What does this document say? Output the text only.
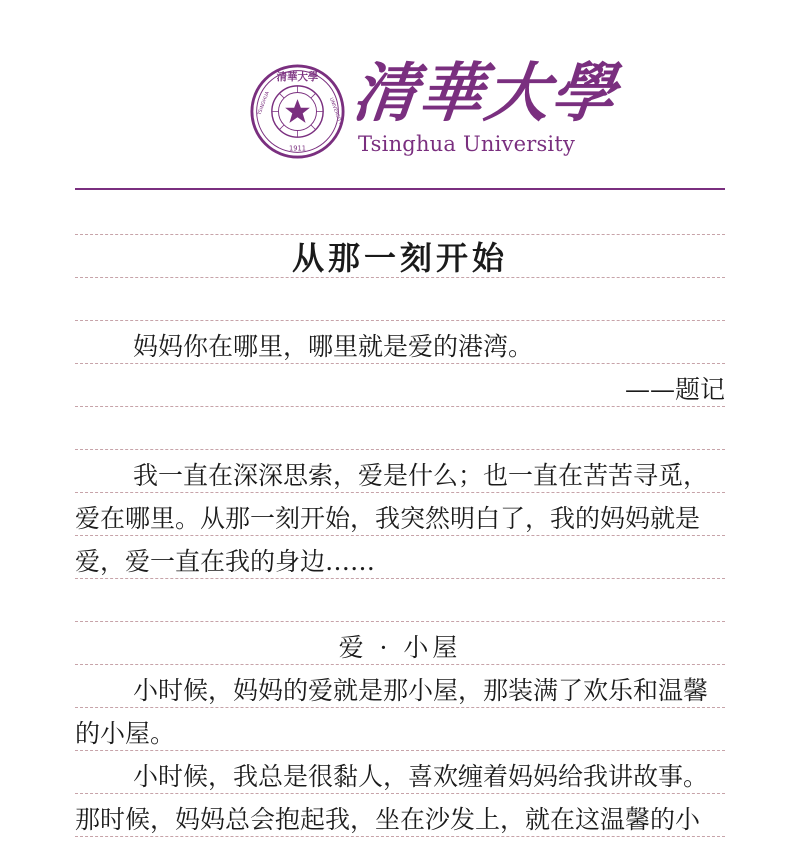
清華大學
1911
TSINGHUA	UNIVERSITY 清華大學
Tsinghua University
从那一刻开始
妈妈你在哪里，哪里就是爱的港湾。
——题记
我一直在深深思索，爱是什么；也一直在苦苦寻觅，
爱在哪里。从那一刻开始，我突然明白了，我的妈妈就是
爱，爱一直在我的身边……
爱 · 小屋
小时候，妈妈的爱就是那小屋，那装满了欢乐和温馨
的小屋。
小时候，我总是很黏人，喜欢缠着妈妈给我讲故事。
那时候，妈妈总会抱起我，坐在沙发上，就在这温馨的小
